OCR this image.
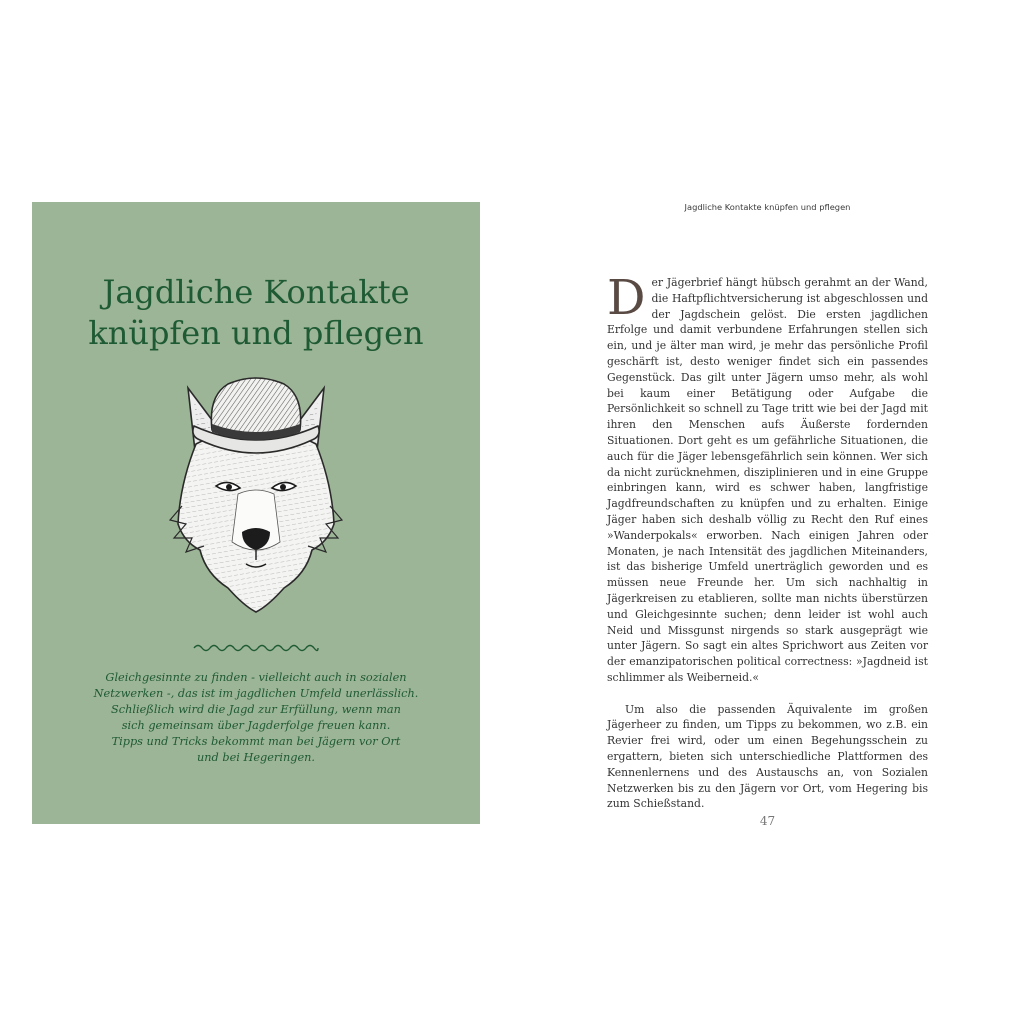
Jagdliche Kontakte
knüpfen und pflegen

Gleichgesinnte zu finden - vielleicht auch in sozialen
Netzwerken -, das ist im jagdlichen Umfeld unerlässlich.
Schließlich wird die Jagd zur Erfüllung, wenn man
sich gemeinsam über Jagderfolge freuen kann.
Tipps und Tricks bekommt man bei Jägern vor Ort
und bei Hegeringen.

Jagdliche Kontakte knüpfen und pflegen

Der Jägerbrief hängt hübsch gerahmt an der Wand, die Haftpflichtversicherung ist abgeschlossen und der Jagdschein gelöst. Die ersten jagdlichen Erfolge und damit verbundene Erfahrungen stellen sich ein, und je älter man wird, je mehr das persönliche Profil geschärft ist, desto weniger findet sich ein passendes Gegenstück. Das gilt unter Jägern umso mehr, als wohl bei kaum einer Betätigung oder Aufgabe die Persönlichkeit so schnell zu Tage tritt wie bei der Jagd mit ihren den Menschen aufs Äußerste fordernden Situationen. Dort geht es um gefährliche Situationen, die auch für die Jäger lebensgefährlich sein können. Wer sich da nicht zurücknehmen, disziplinieren und in eine Gruppe einbringen kann, wird es schwer haben, langfristige Jagdfreundschaften zu knüpfen und zu erhalten. Einige Jäger haben sich deshalb völlig zu Recht den Ruf eines »Wanderpokals« erworben. Nach einigen Jahren oder Monaten, je nach Intensität des jagdlichen Miteinanders, ist das bisherige Umfeld unerträglich geworden und es müssen neue Freunde her. Um sich nachhaltig in Jägerkreisen zu etablieren, sollte man nichts überstürzen und Gleichgesinnte suchen; denn leider ist wohl auch Neid und Missgunst nirgends so stark ausgeprägt wie unter Jägern. So sagt ein altes Sprichwort aus Zeiten vor der emanzipatorischen political correctness: »Jagdneid ist schlimmer als Weiberneid.«

Um also die passenden Äquivalente im großen Jägerheer zu finden, um Tipps zu bekommen, wo z.B. ein Revier frei wird, oder um einen Begehungsschein zu ergattern, bieten sich unterschiedliche Plattformen des Kennenlernens und des Austauschs an, von Sozialen Netzwerken bis zu den Jägern vor Ort, vom Hegering bis zum Schießstand.

47
